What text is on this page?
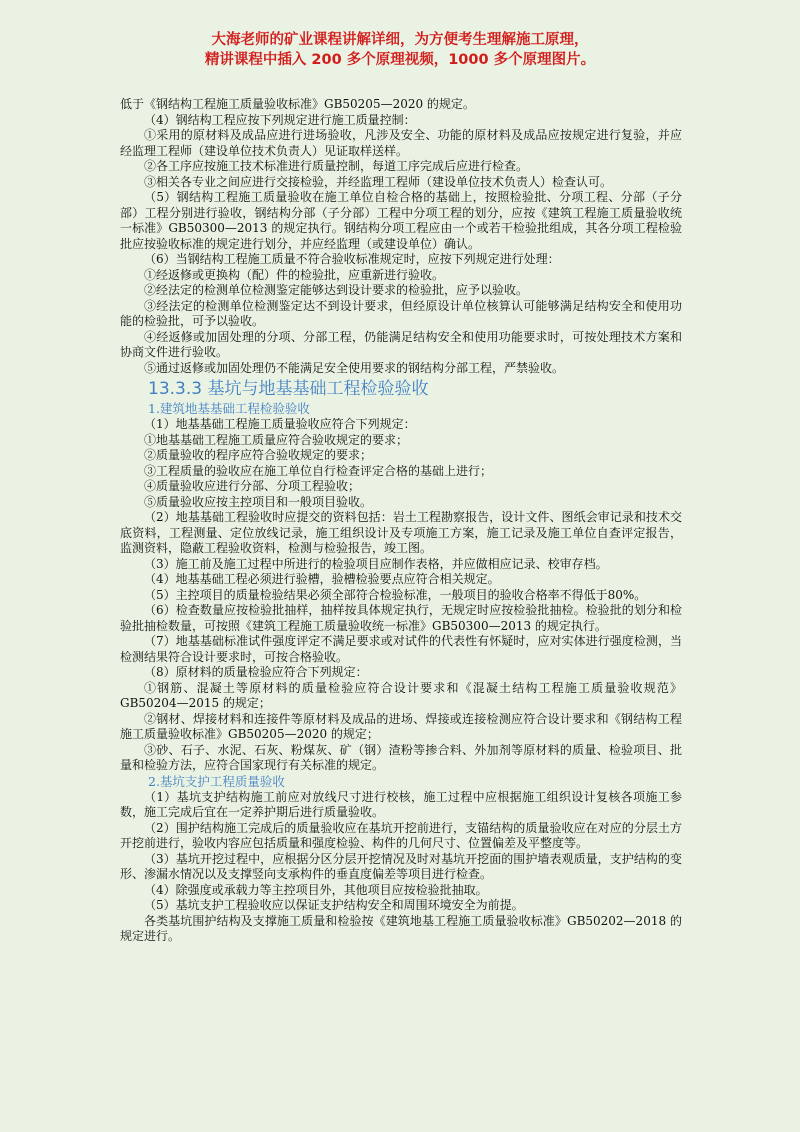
大海老师的矿业课程讲解详细，为方便考生理解施工原理，
精讲课程中插入 200 多个原理视频，1000 多个原理图片。

低于《钢结构工程施工质量验收标准》GB50205—2020 的规定。

（4）钢结构工程应按下列规定进行施工质量控制：

①采用的原材料及成品应进行进场验收，凡涉及安全、功能的原材料及成品应按规定进行复验，并应经监理工程师（建设单位技术负责人）见证取样送样。

②各工序应按施工技术标准进行质量控制，每道工序完成后应进行检查。

③相关各专业之间应进行交接检验，并经监理工程师（建设单位技术负责人）检查认可。

（5）钢结构工程施工质量验收在施工单位自检合格的基础上，按照检验批、分项工程、分部（子分部）工程分别进行验收，钢结构分部（子分部）工程中分项工程的划分，应按《建筑工程施工质量验收统一标准》GB50300—2013 的规定执行。钢结构分项工程应由一个或若干检验批组成，其各分项工程检验批应按验收标准的规定进行划分，并应经监理（或建设单位）确认。

（6）当钢结构工程施工质量不符合验收标准规定时，应按下列规定进行处理：

①经返修或更换构（配）件的检验批，应重新进行验收。

②经法定的检测单位检测鉴定能够达到设计要求的检验批，应予以验收。

③经法定的检测单位检测鉴定达不到设计要求，但经原设计单位核算认可能够满足结构安全和使用功能的检验批，可予以验收。

④经返修或加固处理的分项、分部工程，仍能满足结构安全和使用功能要求时，可按处理技术方案和协商文件进行验收。

⑤通过返修或加固处理仍不能满足安全使用要求的钢结构分部工程，严禁验收。

13.3.3 基坑与地基基础工程检验验收

1.建筑地基基础工程检验验收

（1）地基基础工程施工质量验收应符合下列规定：

①地基基础工程施工质量应符合验收规定的要求；

②质量验收的程序应符合验收规定的要求；

③工程质量的验收应在施工单位自行检查评定合格的基础上进行；

④质量验收应进行分部、分项工程验收；

⑤质量验收应按主控项目和一般项目验收。

（2）地基基础工程验收时应提交的资料包括：岩土工程勘察报告，设计文件、图纸会审记录和技术交底资料，工程测量、定位放线记录，施工组织设计及专项施工方案，施工记录及施工单位自查评定报告，监测资料，隐蔽工程验收资料，检测与检验报告，竣工图。

（3）施工前及施工过程中所进行的检验项目应制作表格，并应做相应记录、校审存档。

（4）地基基础工程必须进行验槽，验槽检验要点应符合相关规定。

（5）主控项目的质量检验结果必须全部符合检验标准，一般项目的验收合格率不得低于80%。

（6）检查数量应按检验批抽样，抽样按具体规定执行，无规定时应按检验批抽检。检验批的划分和检验批抽检数量，可按照《建筑工程施工质量验收统一标准》GB50300—2013 的规定执行。

（7）地基基础标准试件强度评定不满足要求或对试件的代表性有怀疑时，应对实体进行强度检测，当检测结果符合设计要求时，可按合格验收。

（8）原材料的质量检验应符合下列规定：

①钢筋、混凝土等原材料的质量检验应符合设计要求和《混凝土结构工程施工质量验收规范》GB50204—2015 的规定；

②钢材、焊接材料和连接件等原材料及成品的进场、焊接或连接检测应符合设计要求和《钢结构工程施工质量验收标准》GB50205—2020 的规定；

③砂、石子、水泥、石灰、粉煤灰、矿（钢）渣粉等掺合料、外加剂等原材料的质量、检验项目、批量和检验方法，应符合国家现行有关标准的规定。

2.基坑支护工程质量验收

（1）基坑支护结构施工前应对放线尺寸进行校核，施工过程中应根据施工组织设计复核各项施工参数，施工完成后宜在一定养护期后进行质量验收。

（2）围护结构施工完成后的质量验收应在基坑开挖前进行，支锚结构的质量验收应在对应的分层土方开挖前进行，验收内容应包括质量和强度检验、构件的几何尺寸、位置偏差及平整度等。

（3）基坑开挖过程中，应根据分区分层开挖情况及时对基坑开挖面的围护墙表观质量，支护结构的变形、渗漏水情况以及支撑竖向支承构件的垂直度偏差等项目进行检查。

（4）除强度或承载力等主控项目外，其他项目应按检验批抽取。

（5）基坑支护工程验收应以保证支护结构安全和周围环境安全为前提。

各类基坑围护结构及支撑施工质量和检验按《建筑地基工程施工质量验收标准》GB50202—2018 的规定进行。
